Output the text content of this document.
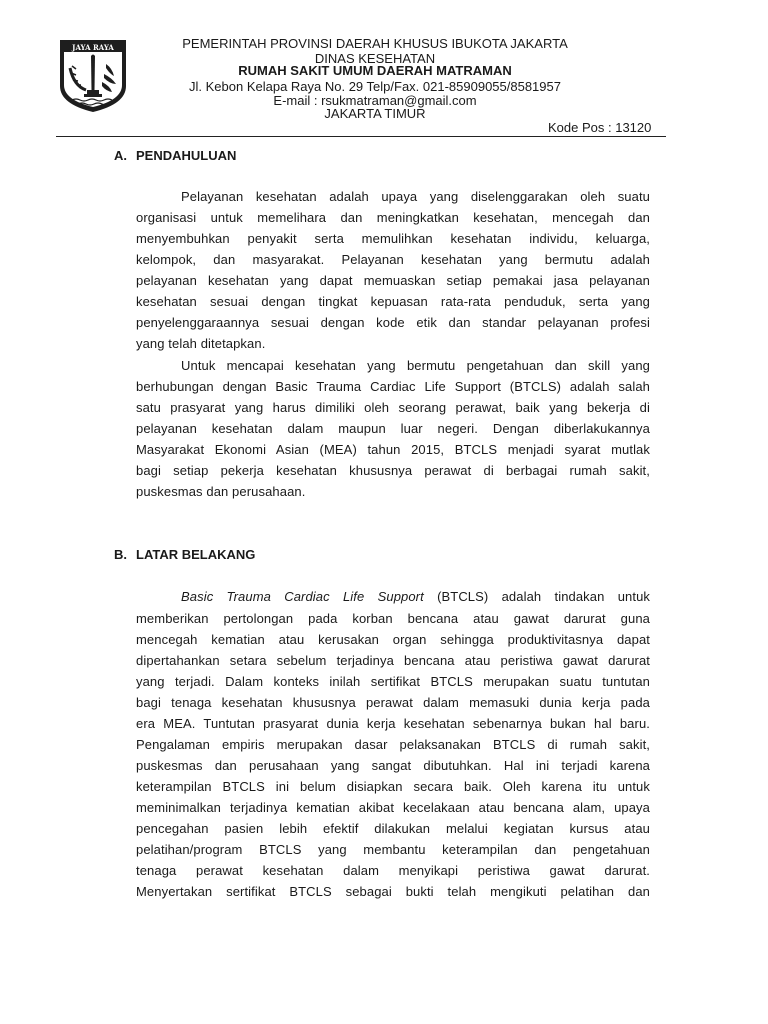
JAYA RAYA	PEMERINTAH PROVINSI DAERAH KHUSUS IBUKOTA JAKARTA
DINAS KESEHATAN
RUMAH SAKIT UMUM DAERAH MATRAMAN
Jl. Kebon Kelapa Raya No. 29 Telp/Fax. 021-85909055/8581957
E-mail : rsukmatraman@gmail.com
JAKARTA TIMUR
Kode Pos : 13120
A. PENDAHULUAN
Pelayanan kesehatan adalah upaya yang diselenggarakan oleh suatu
organisasi untuk memelihara dan meningkatkan kesehatan, mencegah dan
menyembuhkan penyakit serta memulihkan kesehatan individu, keluarga,
kelompok, dan masyarakat. Pelayanan kesehatan yang bermutu adalah
pelayanan kesehatan yang dapat memuaskan setiap pemakai jasa pelayanan
kesehatan sesuai dengan tingkat kepuasan rata-rata penduduk, serta yang
penyelenggaraannya sesuai dengan kode etik dan standar pelayanan profesi
yang telah ditetapkan.
Untuk mencapai kesehatan yang bermutu pengetahuan dan skill yang
berhubungan dengan Basic Trauma Cardiac Life Support (BTCLS) adalah salah
satu prasyarat yang harus dimiliki oleh seorang perawat, baik yang bekerja di
pelayanan kesehatan dalam maupun luar negeri. Dengan diberlakukannya
Masyarakat Ekonomi Asian (MEA) tahun 2015, BTCLS menjadi syarat mutlak
bagi setiap pekerja kesehatan khususnya perawat di berbagai rumah sakit,
puskesmas dan perusahaan.
B. LATAR BELAKANG
Basic Trauma Cardiac Life Support (BTCLS) adalah tindakan untuk
memberikan pertolongan pada korban bencana atau gawat darurat guna
mencegah kematian atau kerusakan organ sehingga produktivitasnya dapat
dipertahankan setara sebelum terjadinya bencana atau peristiwa gawat darurat
yang terjadi. Dalam konteks inilah sertifikat BTCLS merupakan suatu tuntutan
bagi tenaga kesehatan khususnya perawat dalam memasuki dunia kerja pada
era MEA. Tuntutan prasyarat dunia kerja kesehatan sebenarnya bukan hal baru.
Pengalaman empiris merupakan dasar pelaksanakan BTCLS di rumah sakit,
puskesmas dan perusahaan yang sangat dibutuhkan. Hal ini terjadi karena
keterampilan BTCLS ini belum disiapkan secara baik. Oleh karena itu untuk
meminimalkan terjadinya kematian akibat kecelakaan atau bencana alam, upaya
pencegahan pasien lebih efektif dilakukan melalui kegiatan kursus atau
pelatihan/program BTCLS yang membantu keterampilan dan pengetahuan
tenaga perawat kesehatan dalam menyikapi peristiwa gawat darurat.
Menyertakan sertifikat BTCLS sebagai bukti telah mengikuti pelatihan dan
